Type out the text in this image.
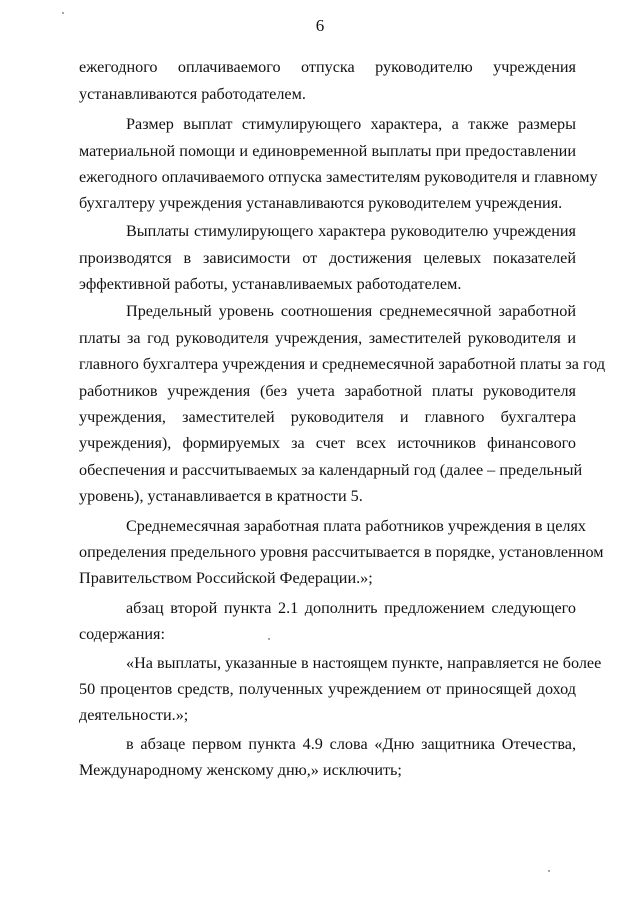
6
ежегодного оплачиваемого отпуска руководителю учреждения
устанавливаются работодателем.
Размер выплат стимулирующего характера, а также размеры
материальной помощи и единовременной выплаты при предоставлении
ежегодного оплачиваемого отпуска заместителям руководителя и главному
бухгалтеру учреждения устанавливаются руководителем учреждения.
Выплаты стимулирующего характера руководителю учреждения
производятся в зависимости от достижения целевых показателей
эффективной работы, устанавливаемых работодателем.
Предельный уровень соотношения среднемесячной заработной
платы за год руководителя учреждения, заместителей руководителя и
главного бухгалтера учреждения и среднемесячной заработной платы за год
работников учреждения (без учета заработной платы руководителя
учреждения, заместителей руководителя и главного бухгалтера
учреждения), формируемых за счет всех источников финансового
обеспечения и рассчитываемых за календарный год (далее – предельный
уровень), устанавливается в кратности 5.
Среднемесячная заработная плата работников учреждения в целях
определения предельного уровня рассчитывается в порядке, установленном
Правительством Российской Федерации.»;
абзац второй пункта 2.1 дополнить предложением следующего
содержания:
«На выплаты, указанные в настоящем пункте, направляется не более
50 процентов средств, полученных учреждением от приносящей доход
деятельности.»;
в абзаце первом пункта 4.9 слова «Дню защитника Отечества,
Международному женскому дню,» исключить;
